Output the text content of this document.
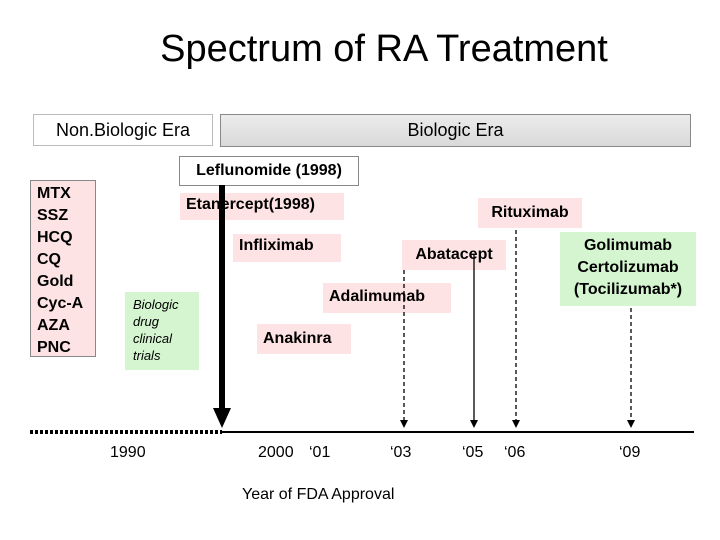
Spectrum of RA Treatment
Non.Biologic Era	Biologic Era
Leflunomide (1998)
MTX
SSZ
HCQ
CQ
Gold
Cyc-A
AZA
PNC
Biologic
drug
clinical
trials
Etanercept(1998)	Rituximab
Infliximab
Abatacept
Adalimumab
Anakinra
Golimumab
Certolizumab
(Tocilizumab*)
1990	2000 ‘01	‘03	‘05 ‘06	‘09
Year of FDA Approval
